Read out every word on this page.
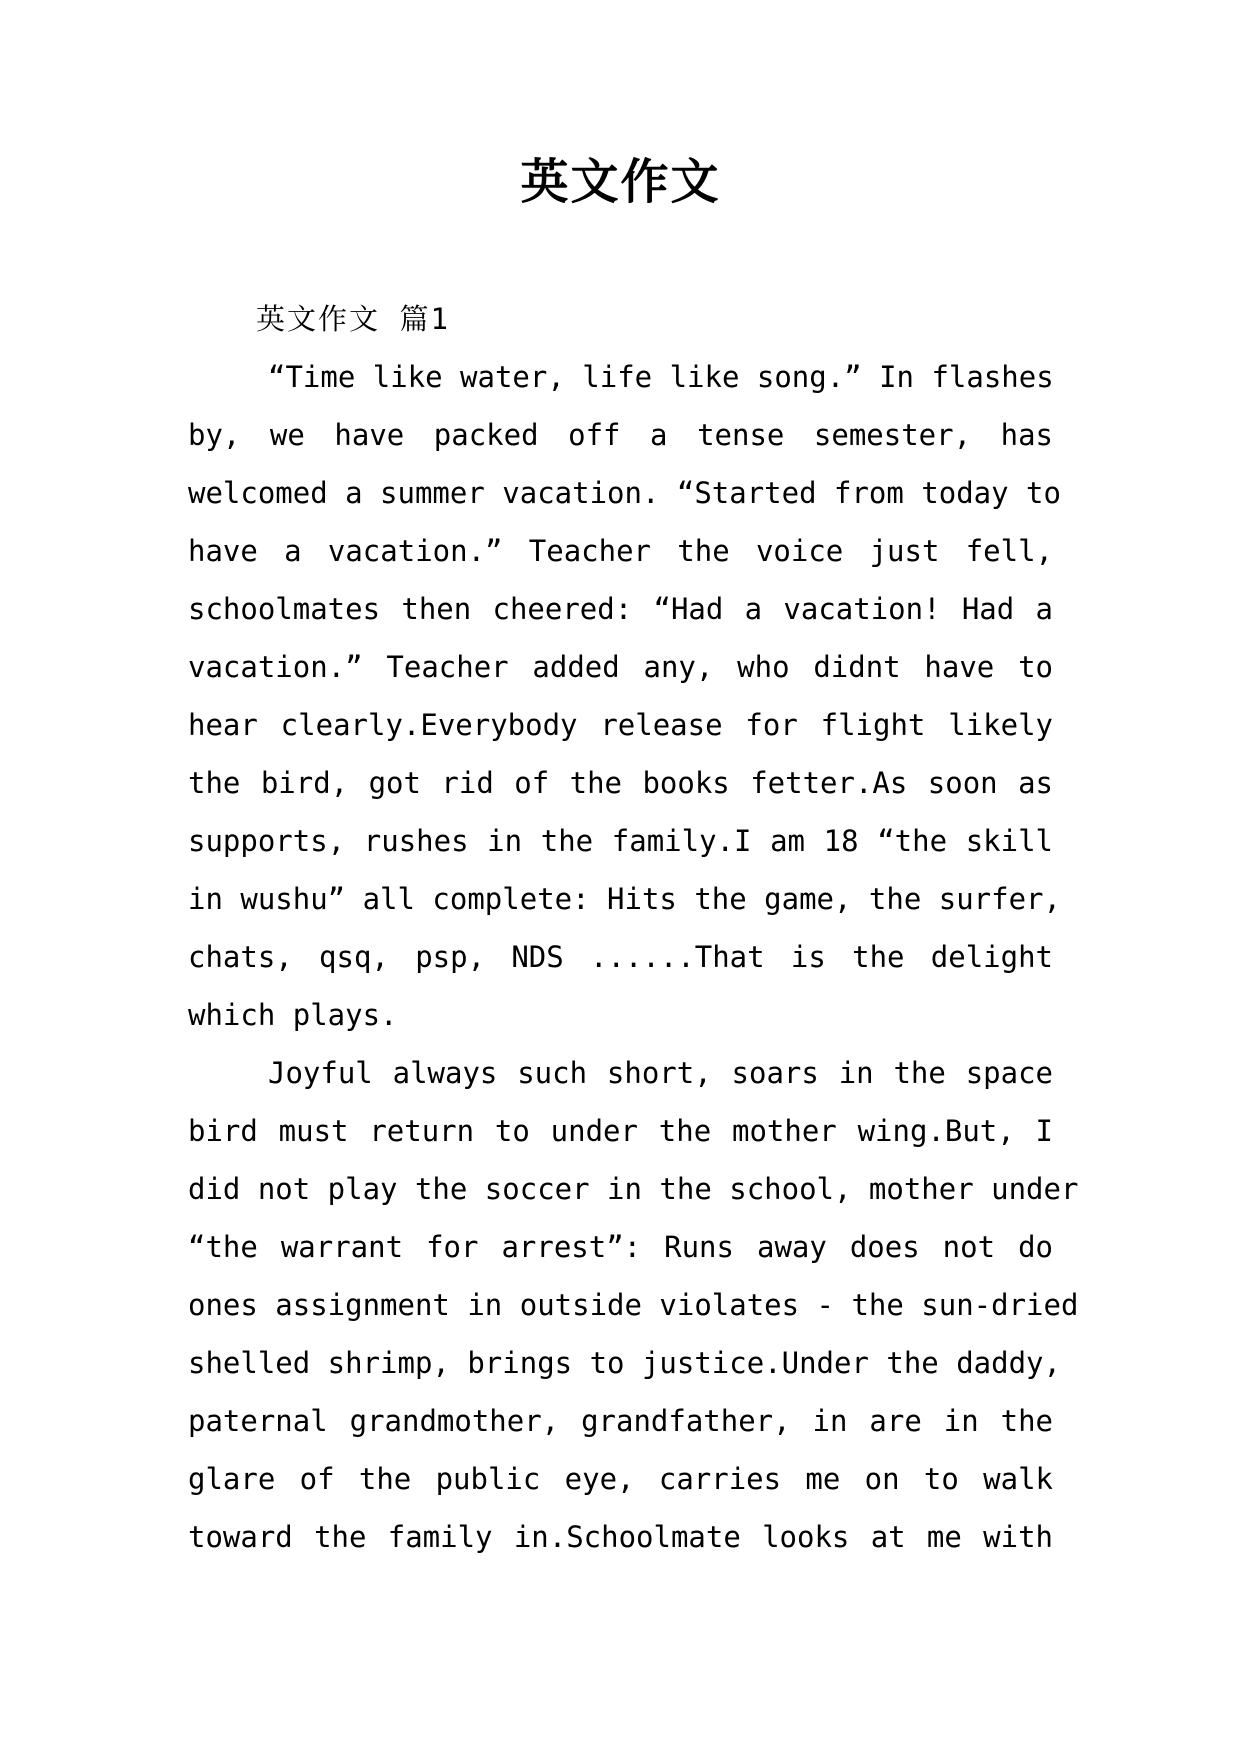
英文作文

英文作文 篇1

“Time like water, life like song.” In flashes
by, we have packed off a tense semester, has
welcomed a summer vacation. “Started from today to
have a vacation.” Teacher the voice just fell,
schoolmates then cheered: “Had a vacation! Had a
vacation.” Teacher added any, who didnt have to
hear clearly.Everybody release for flight likely
the bird, got rid of the books fetter.As soon as
supports, rushes in the family.I am 18 “the skill
in wushu” all complete: Hits the game, the surfer,
chats, qsq, psp, NDS ......That is the delight
which plays.

Joyful always such short, soars in the space
bird must return to under the mother wing.But, I
did not play the soccer in the school, mother under
“the warrant for arrest”: Runs away does not do
ones assignment in outside violates - the sun-dried
shelled shrimp, brings to justice.Under the daddy,
paternal grandmother, grandfather, in are in the
glare of the public eye, carries me on to walk
toward the family in.Schoolmate looks at me with
